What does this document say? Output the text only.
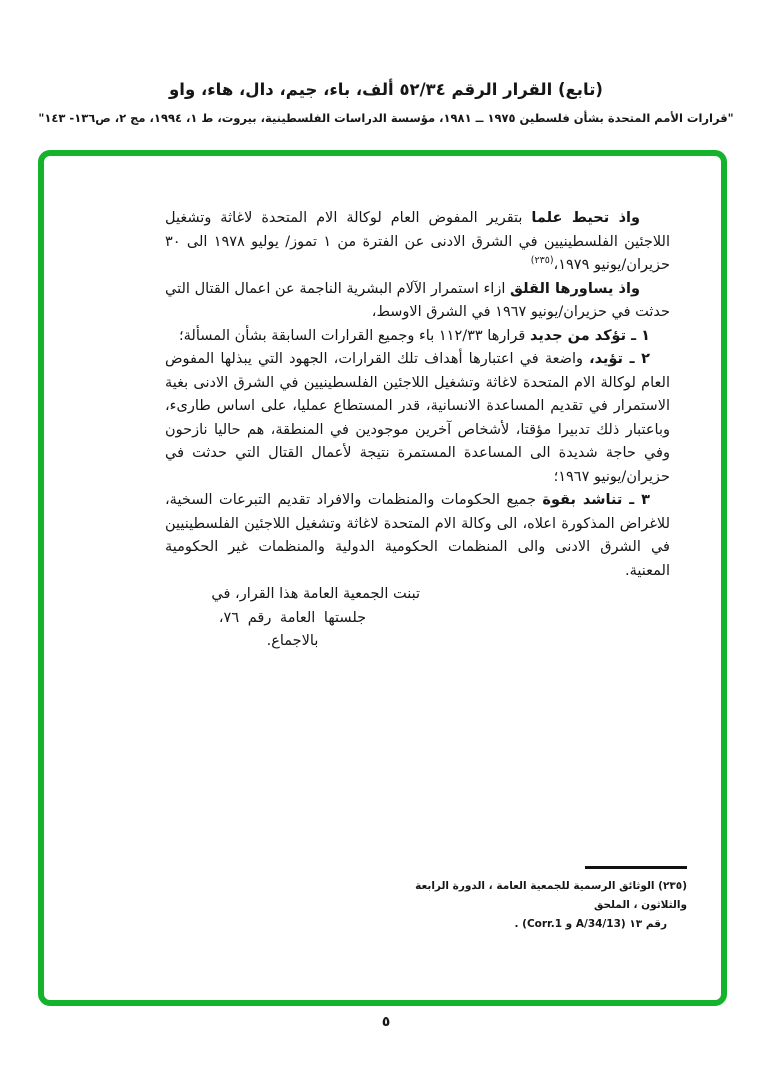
(تابع) القرار الرقم ٥٢/٣٤ ألف، باء، جيم، دال، هاء، واو
"قرارات الأمم المتحدة بشأن فلسطين ١٩٧٥ ــ ١٩٨١، مؤسسة الدراسات الفلسطينية، بيروت، ط ١، ١٩٩٤، مج ٢، ص١٣٦- ١٤٣"

واذ تحيط علما بتقرير المفوض العام لوكالة الام المتحدة لاغاثة وتشغيل اللاجئين الفلسطينيين في الشرق الادنى عن الفترة من ١ تموز/ يوليو ١٩٧٨ الى ٣٠ حزيران/يونيو ١٩٧٩،$^{(٢٣٥)}$

واذ يساورها القلق ازاء استمرار الآلام البشرية الناجمة عن اعمال القتال التي حدثت في حزيران/يونيو ١٩٦٧ في الشرق الاوسط،

١ ـ تؤكد من جديد قرارها ١١٢/٣٣ باء وجميع القرارات السابقة بشأن المسألة؛

٢ ـ تؤيد، واضعة في اعتبارها أهداف تلك القرارات، الجهود التي يبذلها المفوض العام لوكالة الام المتحدة لاغاثة وتشغيل اللاجئين الفلسطينيين في الشرق الادنى بغية الاستمرار في تقديم المساعدة الانسانية، قدر المستطاع عمليا، على اساس طارىء، وباعتبار ذلك تدبيرا مؤقتا، لأشخاص آخرين موجودين في المنطقة، هم حاليا نازحون وفي حاجة شديدة الى المساعدة المستمرة نتيجة لأعمال القتال التي حدثت في حزيران/يونيو ١٩٦٧؛

٣ ـ تناشد بقوة جميع الحكومات والمنظمات والافراد تقديم التبرعات السخية، للاغراض المذكورة اعلاه، الى وكالة الام المتحدة لاغاثة وتشغيل اللاجئين الفلسطينيين في الشرق الادنى والى المنظمات الحكومية الدولية والمنظمات غير الحكومية المعنية.

تبنت الجمعية العامة هذا القرار، في
جلستها العامة رقم ٧٦،
بالاجماع.
(٢٣٥) الوثائق الرسمية للجمعية العامة ، الدورة الرابعة والثلاثون ، الملحق
رقم ١٣ (A/34/13 و Corr.1) .
٥
